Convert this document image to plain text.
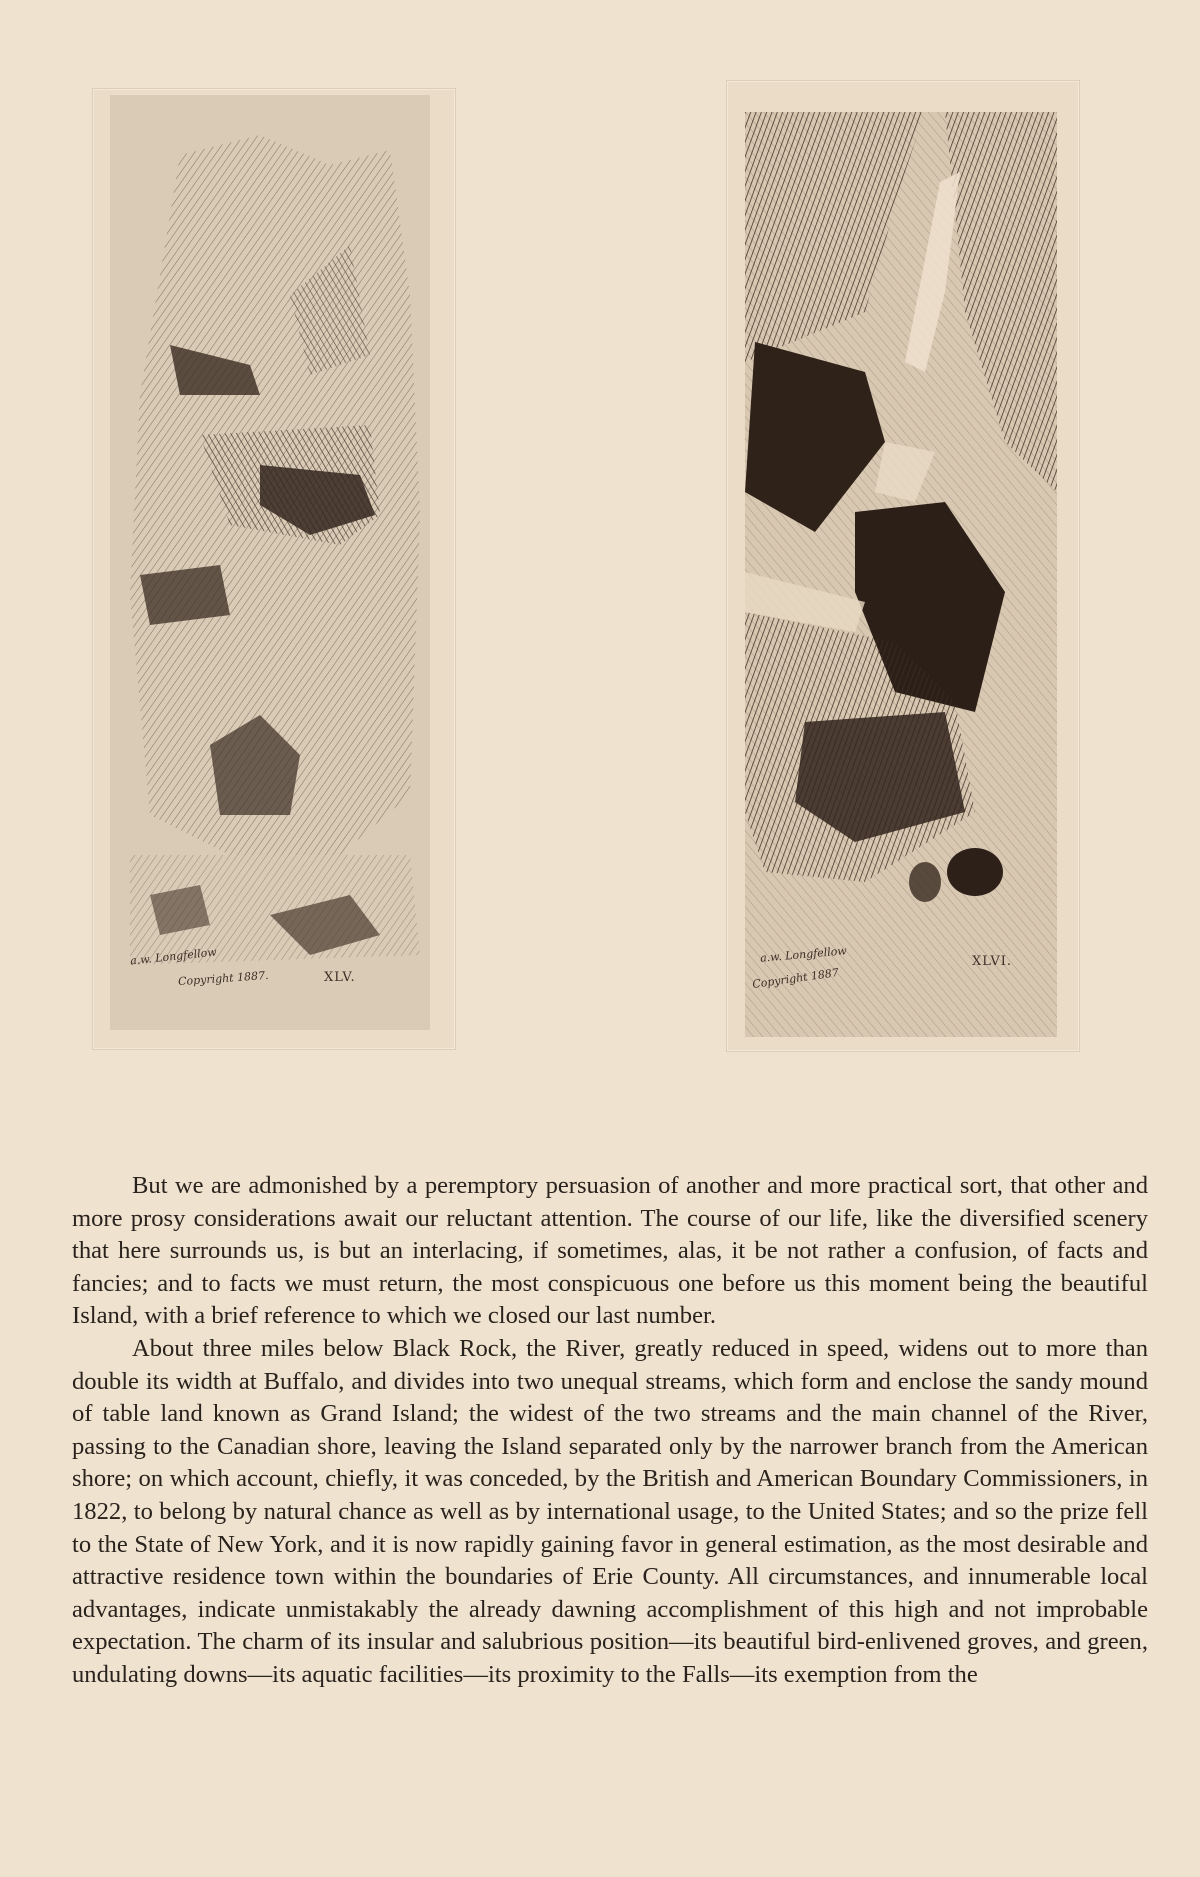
a.w. Longfellow
Copyright 1887.	XLV.
a.w. Longfellow
Copyright 1887
XLVI.

But we are admonished by a peremptory persuasion of another and more practical sort, that other and more prosy considerations await our reluctant attention. The course of our life, like the diversified scenery that here surrounds us, is but an interlacing, if sometimes, alas, it be not rather a confusion, of facts and fancies; and to facts we must return, the most conspicuous one before us this moment being the beautiful Island, with a brief reference to which we closed our last number.

About three miles below Black Rock, the River, greatly reduced in speed, widens out to more than double its width at Buffalo, and divides into two unequal streams, which form and enclose the sandy mound of table land known as Grand Island; the widest of the two streams and the main channel of the River, passing to the Canadian shore, leaving the Island separated only by the narrower branch from the American shore; on which account, chiefly, it was conceded, by the British and American Boundary Commissioners, in 1822, to belong by natural chance as well as by international usage, to the United States; and so the prize fell to the State of New York, and it is now rapidly gaining favor in general estimation, as the most desirable and attractive residence town within the boundaries of Erie County. All circumstances, and innumerable local advantages, indicate unmistakably the already dawning accomplishment of this high and not improbable expectation. The charm of its insular and salubrious position—its beautiful bird-enlivened groves, and green, undulating downs—its aquatic facilities—its proximity to the Falls—its exemption from the
